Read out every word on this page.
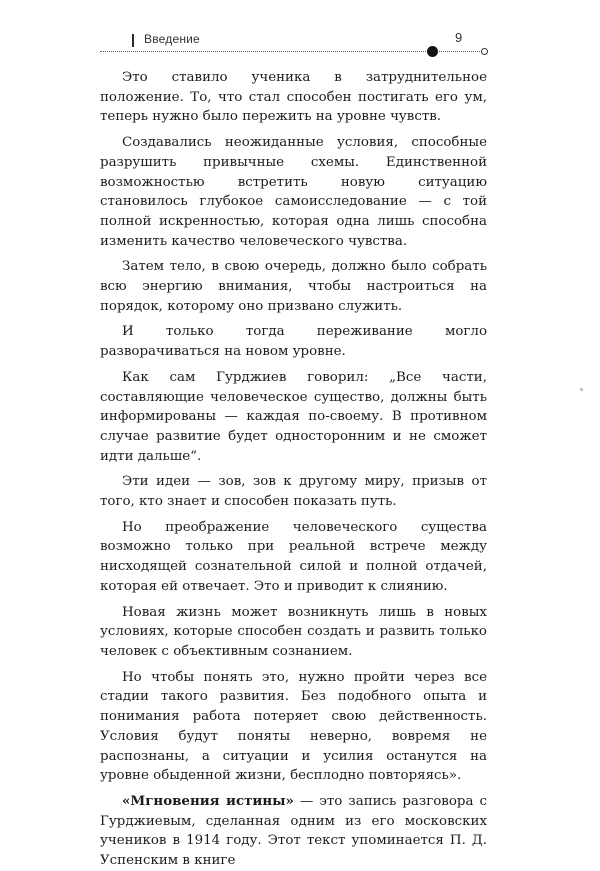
Введение	9

Это ставило ученика в затруднительное положение. То, что стал способен постигать его ум, теперь нужно было пережить на уровне чувств.

Создавались неожиданные условия, способные разрушить привычные схемы. Единственной возможностью встретить новую ситуацию становилось глубокое самоисследование — с той полной искренностью, которая одна лишь способна изменить качество человеческого чувства.

Затем тело, в свою очередь, должно было собрать всю энергию внимания, чтобы настроиться на порядок, которому оно призвано служить.

И только тогда переживание могло разворачиваться на новом уровне.

Как сам Гурджиев говорил: „Все части, составляющие человеческое существо, должны быть информированы — каждая по-своему. В противном случае развитие будет односторонним и не сможет идти дальше“.

Эти идеи — зов, зов к другому миру, призыв от того, кто знает и способен показать путь.

Но преображение человеческого существа возможно только при реальной встрече между нисходящей сознательной силой и полной отдачей, которая ей отвечает. Это и приводит к слиянию.

Новая жизнь может возникнуть лишь в новых условиях, которые способен создать и развить только человек с объективным сознанием.

Но чтобы понять это, нужно пройти через все стадии такого развития. Без подобного опыта и понимания работа потеряет свою действенность. Условия будут поняты неверно, вовремя не распознаны, а ситуации и усилия останутся на уровне обыденной жизни, бесплодно повторяясь».

«Мгновения истины» — это запись разговора с Гурджиевым, сделанная одним из его московских учеников в 1914 году. Этот текст упоминается П. Д. Успенским в книге
